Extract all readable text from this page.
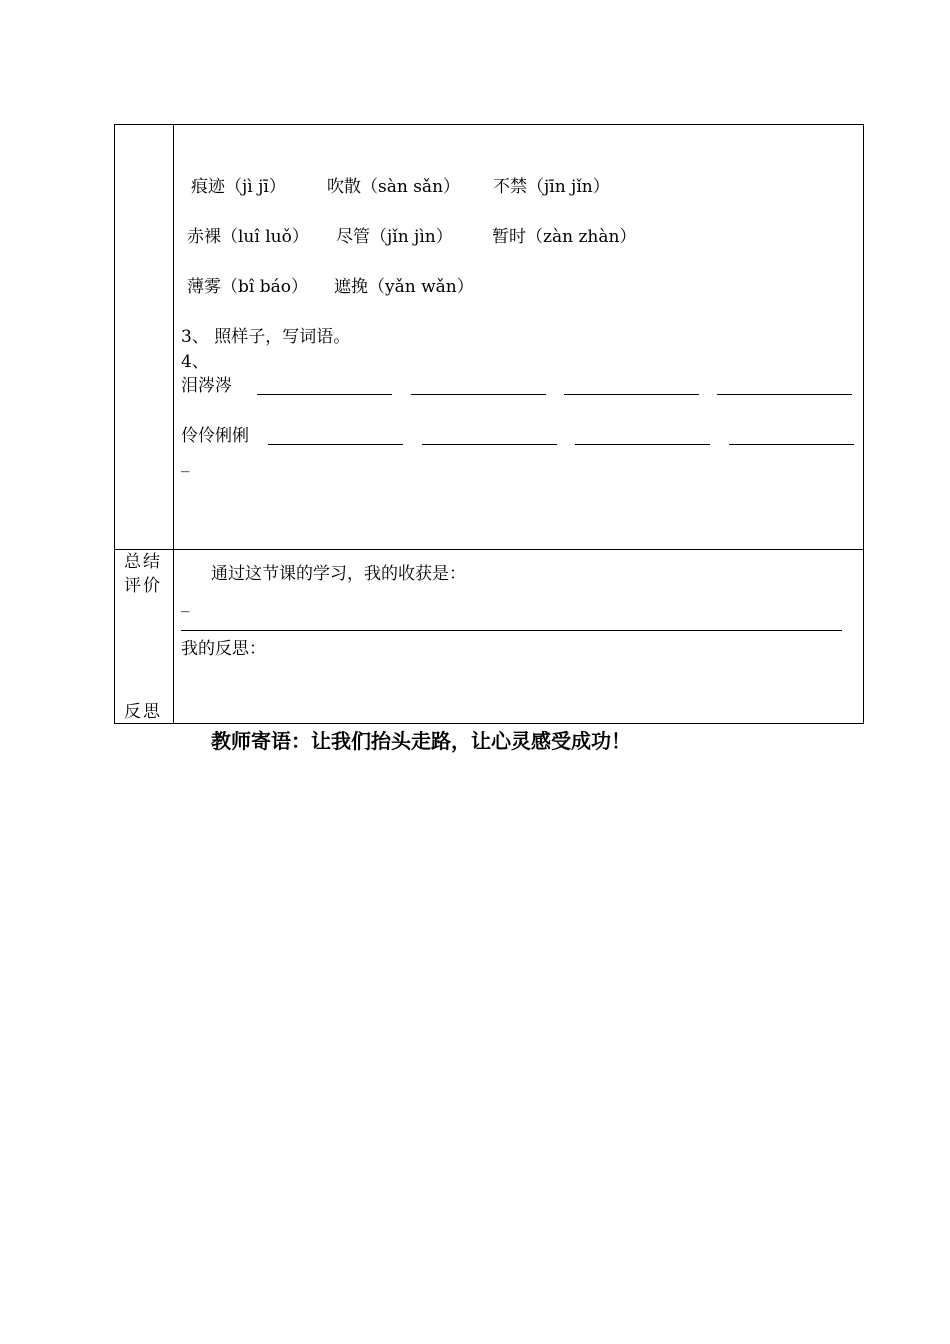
痕迹（jì jī） 吹散（sàn sǎn） 不禁（jīn jǐn）
赤裸（luî luǒ） 尽管（jǐn jìn） 暂时（zàn zhàn）
薄雾（bî báo） 遮挽（yǎn wǎn）
3、 照样子，写词语。
4、
泪涔涔
伶伶俐俐
_
总结
评价
反思
通过这节课的学习，我的收获是：
_
我的反思：
教师寄语：让我们抬头走路，让心灵感受成功！
